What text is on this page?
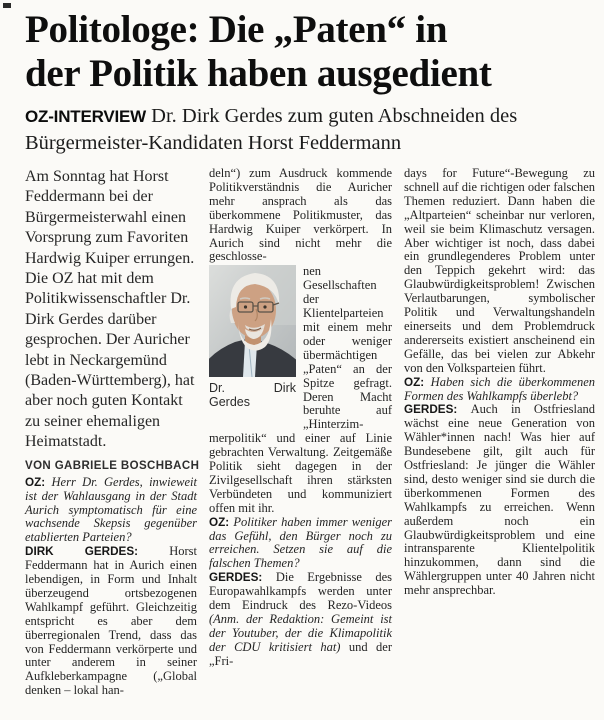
Politologe: Die „Paten“ in
der Politik haben ausgedient
OZ-INTERVIEW Dr. Dirk Gerdes zum guten Abschneiden des Bürgermeister-Kandidaten Horst Feddermann

Am Sonntag hat Horst Feddermann bei der Bürgermeisterwahl einen Vorsprung zum Favoriten Hardwig Kuiper errungen. Die OZ hat mit dem Politikwissenschaftler Dr. Dirk Gerdes darüber gesprochen. Der Auricher lebt in Neckargemünd (Baden-Württemberg), hat aber noch guten Kontakt zu seiner ehemaligen Heimatstadt.

VON GABRIELE BOSCHBACH

OZ: Herr Dr. Gerdes, inwieweit ist der Wahlausgang in der Stadt Aurich symptomatisch für eine wachsende Skepsis gegenüber etablierten Parteien?

DIRK GERDES: Horst Feddermann hat in Aurich einen lebendigen, in Form und Inhalt überzeugend ortsbezogenen Wahlkampf geführt. Gleichzeitig entspricht es aber dem überregionalen Trend, dass das von Feddermann verkörperte und unter anderem in seiner Aufkleberkampagne („Global denken – lokal han-

deln“) zum Ausdruck kommende Politikverständnis die Auricher mehr ansprach als das überkommene Politikmuster, das Hardwig Kuiper verkörpert. In Aurich sind nicht mehr die geschlosse-

Dr.	Dirk
Gerdes
nen Gesellschaften der Klientelparteien mit einem mehr oder weniger übermächtigen „Paten“ an der Spitze gefragt. Deren Macht beruhte auf „Hinterzim-

merpolitik“ und einer auf Linie gebrachten Verwaltung. Zeitgemäße Politik sieht dagegen in der Zivilgesellschaft ihren stärksten Verbündeten und kommuniziert offen mit ihr.

OZ: Politiker haben immer weniger das Gefühl, den Bürger noch zu erreichen. Setzen sie auf die falschen Themen?

GERDES: Die Ergebnisse des Europawahlkampfs werden unter dem Eindruck des Rezo-Videos (Anm. der Redaktion: Gemeint ist der Youtuber, der die Klimapolitik der CDU kritisiert hat) und der „Fri-

days for Future“-Bewegung zu schnell auf die richtigen oder falschen Themen reduziert. Dann haben die „Altparteien“ scheinbar nur verloren, weil sie beim Klimaschutz versagen. Aber wichtiger ist noch, dass dabei ein grundlegenderes Problem unter den Teppich gekehrt wird: das Glaubwürdigkeitsproblem! Zwischen Verlautbarungen, symbolischer Politik und Verwaltungshandeln einerseits und dem Problemdruck andererseits existiert anscheinend ein Gefälle, das bei vielen zur Abkehr von den Volksparteien führt.

OZ: Haben sich die überkommenen Formen des Wahlkampfs überlebt?

GERDES: Auch in Ostfriesland wächst eine neue Generation von Wähler*innen nach! Was hier auf Bundesebene gilt, gilt auch für Ostfriesland: Je jünger die Wähler sind, desto weniger sind sie durch die überkommenen Formen des Wahlkampfs zu erreichen. Wenn außerdem noch ein Glaubwürdigkeitsproblem und eine intransparente Klientelpolitik hinzukommen, dann sind die Wählergruppen unter 40 Jahren nicht mehr ansprechbar.
